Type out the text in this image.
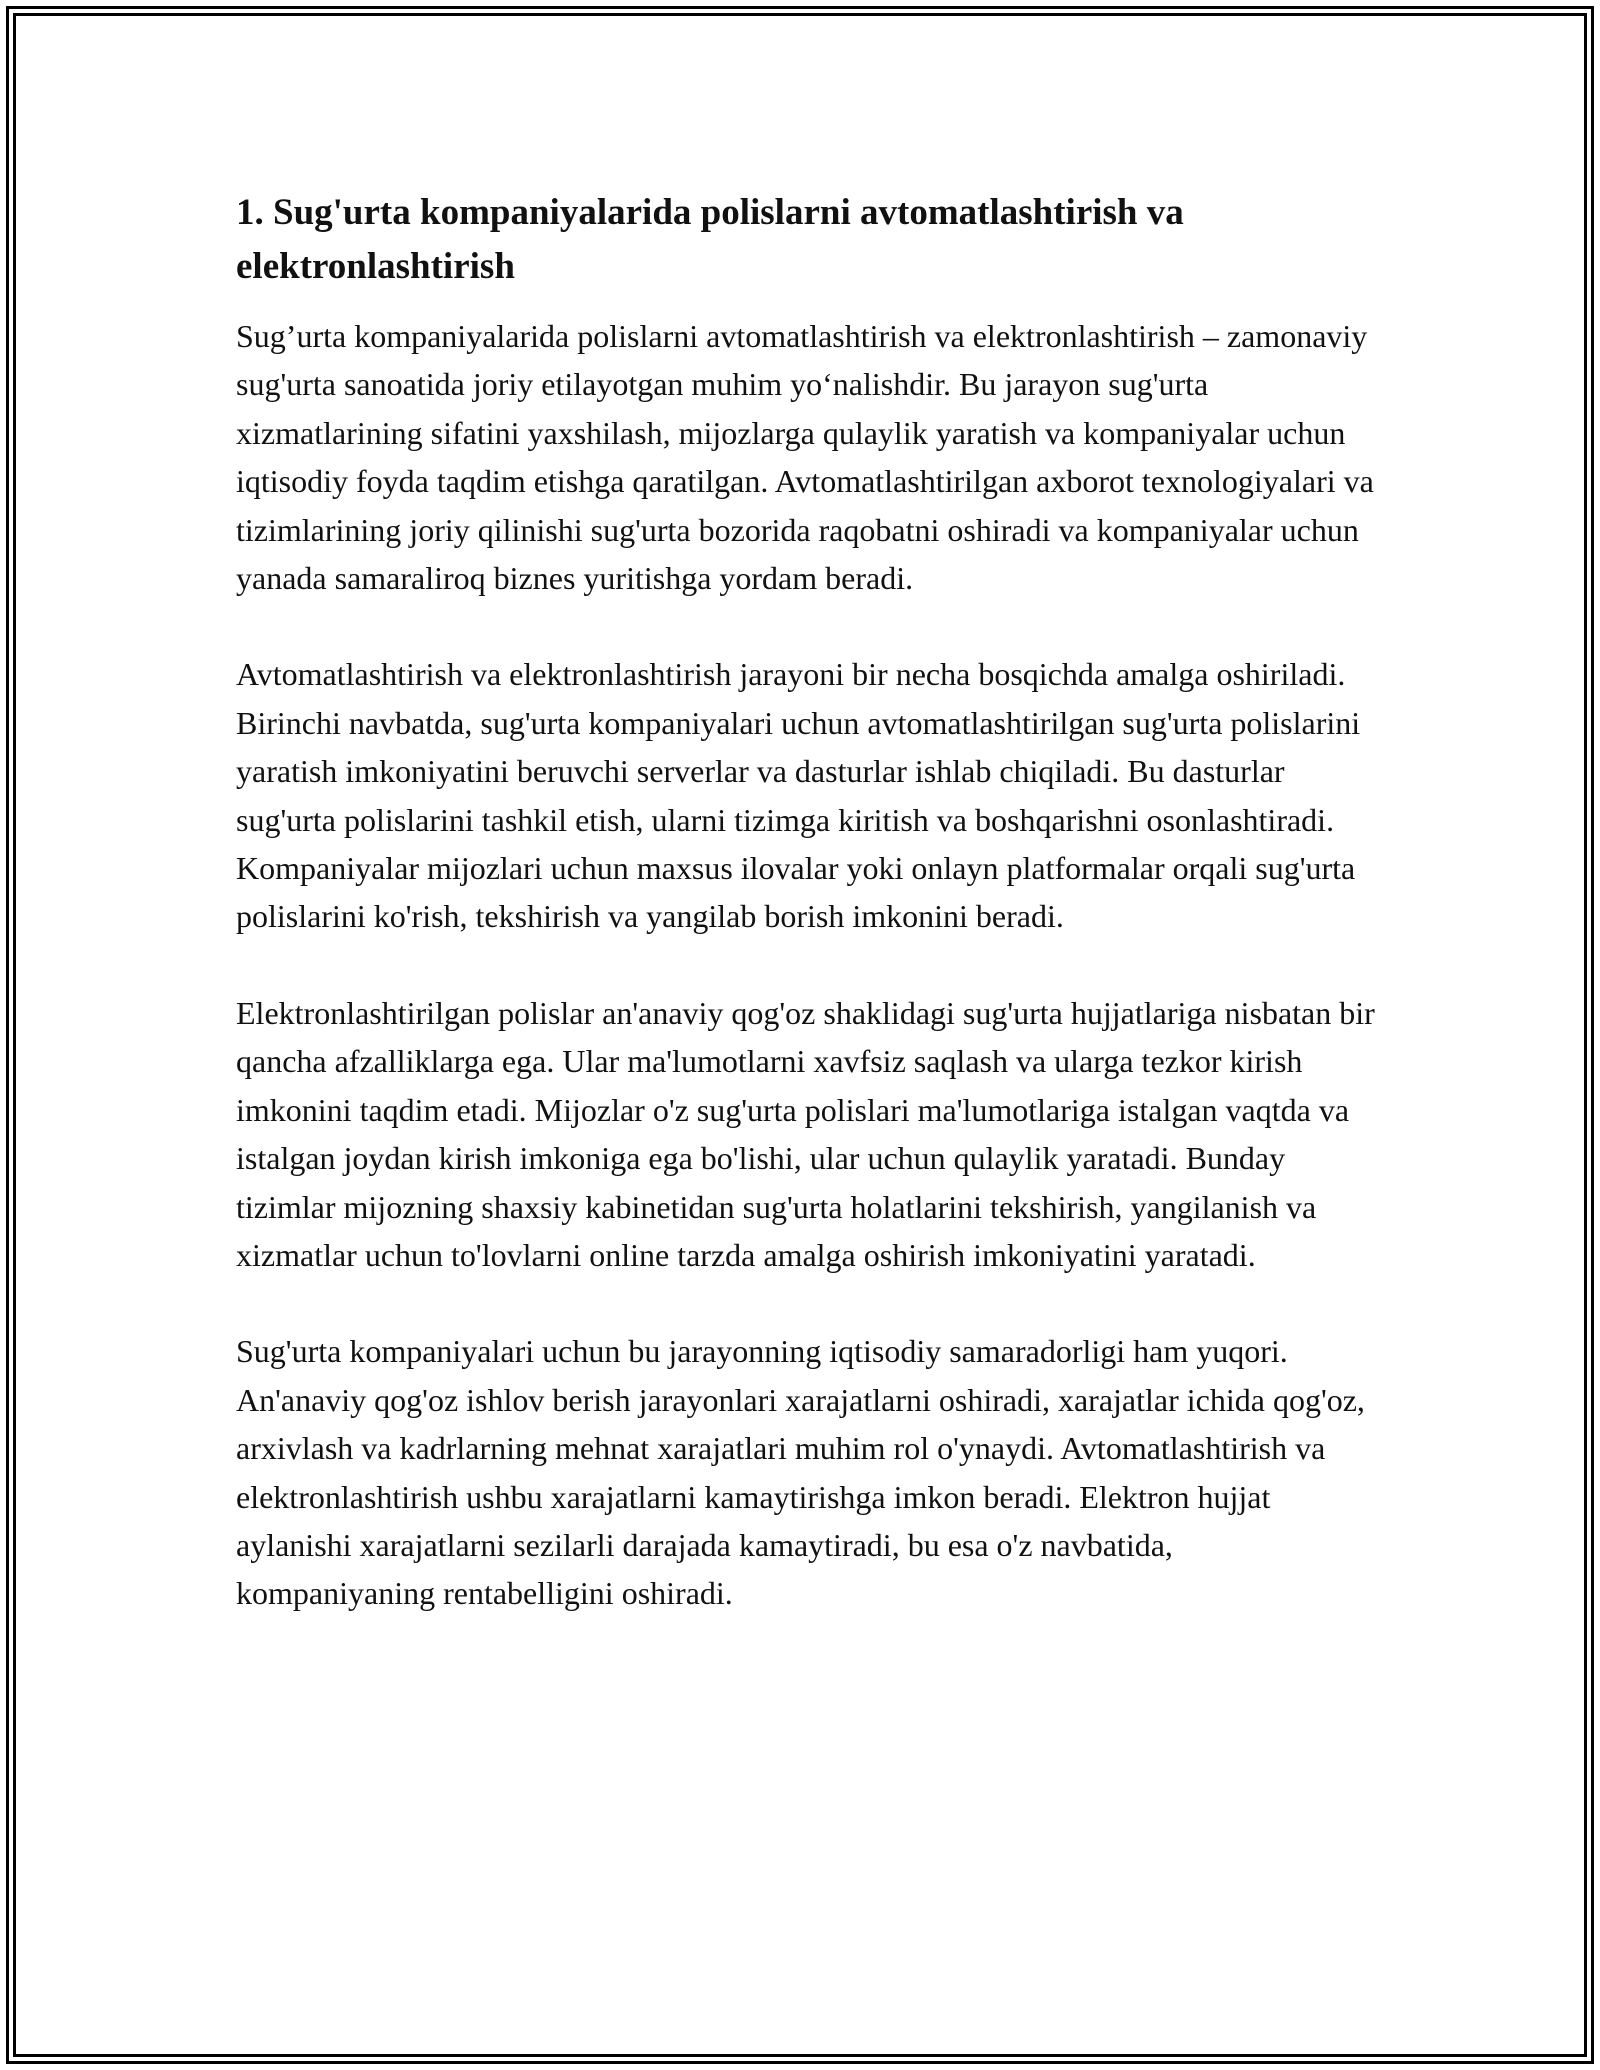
1. Sug'urta kompaniyalarida polislarni avtomatlashtirish va elektronlashtirish

Sug’urta kompaniyalarida polislarni avtomatlashtirish va elektronlashtirish – zamonaviy sug'urta sanoatida joriy etilayotgan muhim yo‘nalishdir. Bu jarayon sug'urta xizmatlarining sifatini yaxshilash, mijozlarga qulaylik yaratish va kompaniyalar uchun iqtisodiy foyda taqdim etishga qaratilgan. Avtomatlashtirilgan axborot texnologiyalari va tizimlarining joriy qilinishi sug'urta bozorida raqobatni oshiradi va kompaniyalar uchun yanada samaraliroq biznes yuritishga yordam beradi.

Avtomatlashtirish va elektronlashtirish jarayoni bir necha bosqichda amalga oshiriladi. Birinchi navbatda, sug'urta kompaniyalari uchun avtomatlashtirilgan sug'urta polislarini yaratish imkoniyatini beruvchi serverlar va dasturlar ishlab chiqiladi. Bu dasturlar sug'urta polislarini tashkil etish, ularni tizimga kiritish va boshqarishni osonlashtiradi. Kompaniyalar mijozlari uchun maxsus ilovalar yoki onlayn platformalar orqali sug'urta polislarini ko'rish, tekshirish va yangilab borish imkonini beradi.

Elektronlashtirilgan polislar an'anaviy qog'oz shaklidagi sug'urta hujjatlariga nisbatan bir qancha afzalliklarga ega. Ular ma'lumotlarni xavfsiz saqlash va ularga tezkor kirish imkonini taqdim etadi. Mijozlar o'z sug'urta polislari ma'lumotlariga istalgan vaqtda va istalgan joydan kirish imkoniga ega bo'lishi, ular uchun qulaylik yaratadi. Bunday tizimlar mijozning shaxsiy kabinetidan sug'urta holatlarini tekshirish, yangilanish va xizmatlar uchun to'lovlarni online tarzda amalga oshirish imkoniyatini yaratadi.

Sug'urta kompaniyalari uchun bu jarayonning iqtisodiy samaradorligi ham yuqori. An'anaviy qog'oz ishlov berish jarayonlari xarajatlarni oshiradi, xarajatlar ichida qog'oz, arxivlash va kadrlarning mehnat xarajatlari muhim rol o'ynaydi. Avtomatlashtirish va elektronlashtirish ushbu xarajatlarni kamaytirishga imkon beradi. Elektron hujjat aylanishi xarajatlarni sezilarli darajada kamaytiradi, bu esa o'z navbatida, kompaniyaning rentabelligini oshiradi.
